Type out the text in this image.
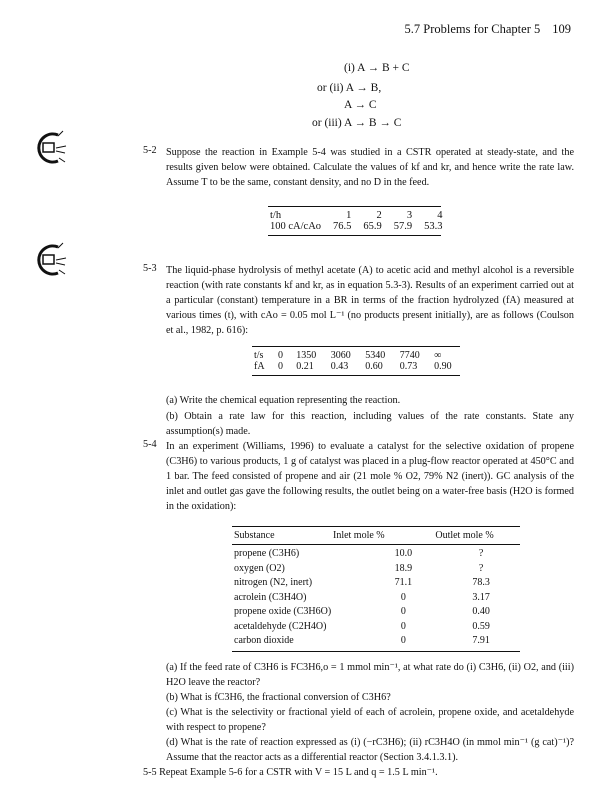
5.7 Problems for Chapter 5 109
(i) A → B + C
or (ii) A → B,
A → C
or (iii) A → B → C
5-2 Suppose the reaction in Example 5-4 was studied in a CSTR operated at steady-state, and the results given below were obtained. Calculate the values of kf and kr, and hence write the rate law. Assume T to be the same, constant density, and no D in the feed.
t/h	1	2	3	4
100 cA/cAo	76.5	65.9	57.9	53.3
5-3 The liquid-phase hydrolysis of methyl acetate (A) to acetic acid and methyl alcohol is a reversible reaction (with rate constants kf and kr, as in equation 5.3-3). Results of an experiment carried out at a particular (constant) temperature in a BR in terms of the fraction hydrolyzed (fA) measured at various times (t), with cAo = 0.05 mol L⁻¹ (no products present initially), are as follows (Coulson et al., 1982, p. 616):
t/s	0	1350	3060	5340	7740	∞
fA	0	0.21	0.43	0.60	0.73	0.90
(a) Write the chemical equation representing the reaction.
(b) Obtain a rate law for this reaction, including values of the rate constants. State any assumption(s) made.
5-4 In an experiment (Williams, 1996) to evaluate a catalyst for the selective oxidation of propene (C3H6) to various products, 1 g of catalyst was placed in a plug-flow reactor operated at 450°C and 1 bar. The feed consisted of propene and air (21 mole % O2, 79% N2 (inert)). GC analysis of the inlet and outlet gas gave the following results, the outlet being on a water-free basis (H2O is formed in the oxidation):
Substance	Inlet mole %	Outlet mole %
propene (C3H6)	10.0	?
oxygen (O2)	18.9	?
nitrogen (N2, inert)	71.1	78.3
acrolein (C3H4O)	0	3.17
propene oxide (C3H6O)	0	0.40
acetaldehyde (C2H4O)	0	0.59
carbon dioxide	0	7.91
(a) If the feed rate of C3H6 is FC3H6,o = 1 mmol min⁻¹, at what rate do (i) C3H6, (ii) O2, and (iii) H2O leave the reactor?
(b) What is fC3H6, the fractional conversion of C3H6?
(c) What is the selectivity or fractional yield of each of acrolein, propene oxide, and acetaldehyde with respect to propene?
(d) What is the rate of reaction expressed as (i) (−rC3H6); (ii) rC3H4O (in mmol min⁻¹ (g cat)⁻¹)? Assume that the reactor acts as a differential reactor (Section 3.4.1.3.1).
5-5 Repeat Example 5-6 for a CSTR with V = 15 L and q = 1.5 L min⁻¹.
